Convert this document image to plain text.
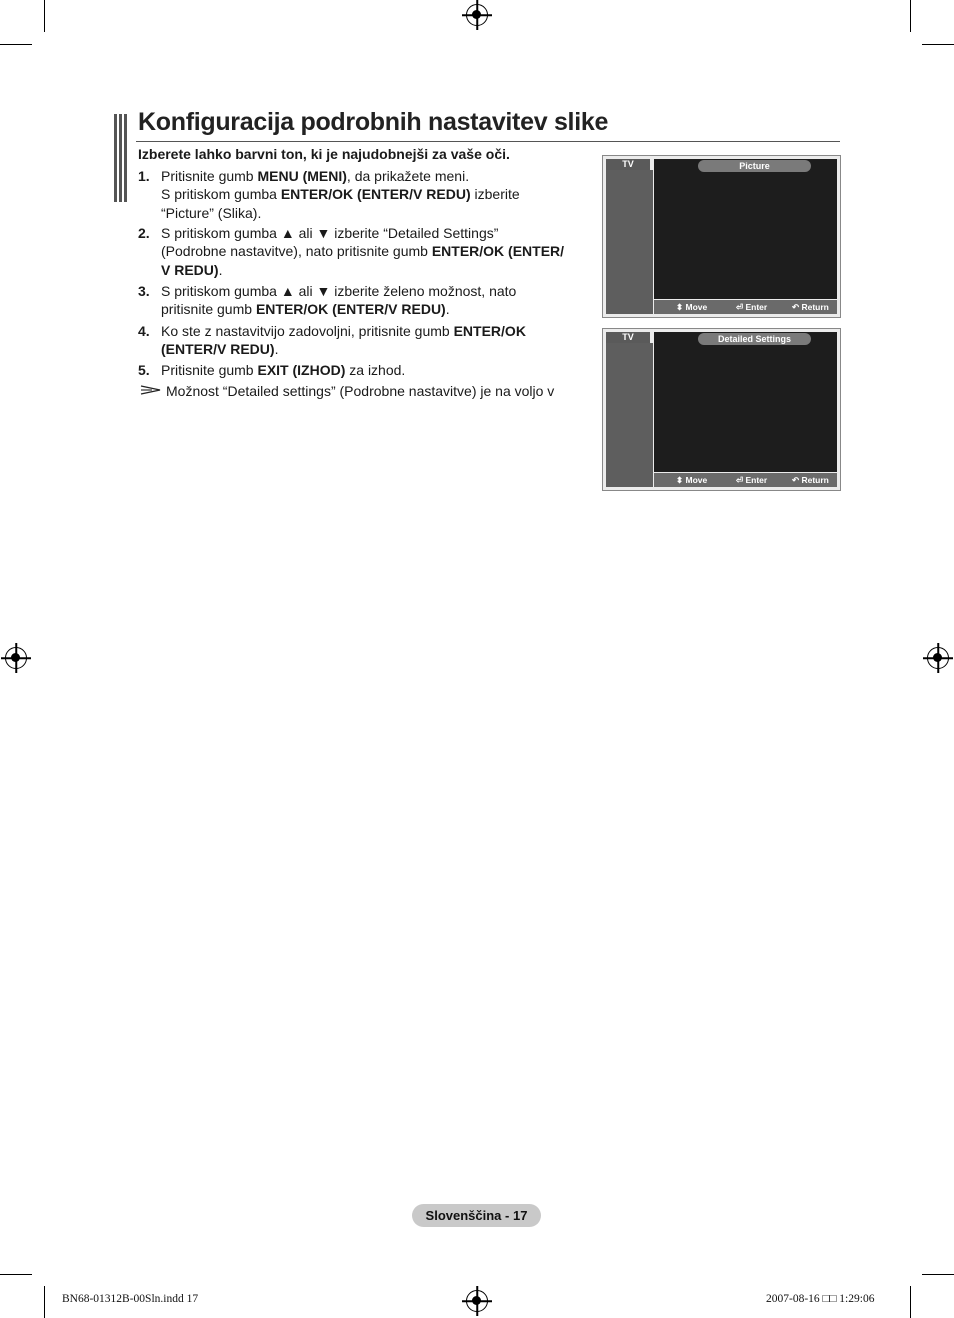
Konfiguracija podrobnih nastavitev slike
Izberete lahko barvni ton, ki je najudobnejši za vaše oči.
1. Pritisnite gumb MENU (MENI), da prikažete meni.
S pritiskom gumba ENTER/OK (ENTER/V REDU) izberite
“Picture” (Slika).
2. S pritiskom gumba ▲ ali ▼ izberite “Detailed Settings”
(Podrobne nastavitve), nato pritisnite gumb ENTER/OK (ENTER/
V REDU).
3. S pritiskom gumba ▲ ali ▼ izberite želeno možnost, nato
pritisnite gumb ENTER/OK (ENTER/V REDU).
4. Ko ste z nastavitvijo zadovoljni, pritisnite gumb ENTER/OK
(ENTER/V REDU).
5. Pritisnite gumb EXIT (IZHOD) za izhod.
Možnost “Detailed settings” (Podrobne nastavitve) je na voljo v
TV	Picture
⬍ Move	⏎ Enter	↶ Return
TV	Detailed Settings
⬍ Move	⏎ Enter	↶ Return
Slovenščina - 17
BN68-01312B-00Sln.indd 17	2007-08-16 □□ 1:29:06
